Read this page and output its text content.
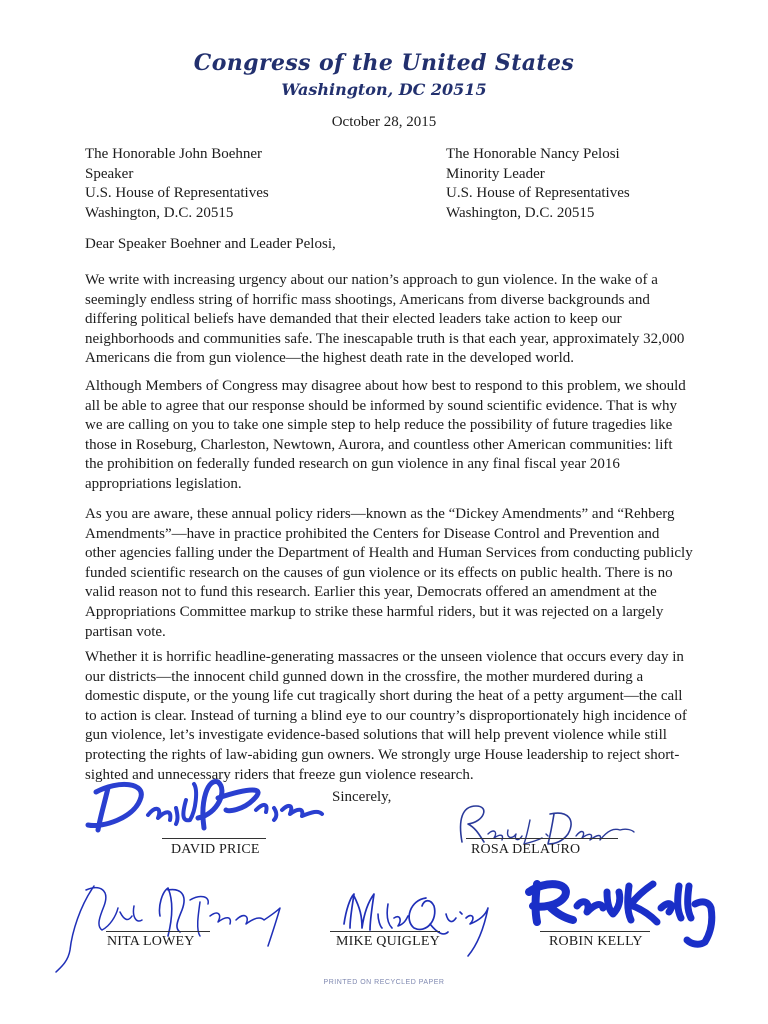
Congress of the United States
Washington, DC 20515
October 28, 2015
The Honorable John Boehner
Speaker
U.S. House of Representatives
Washington, D.C. 20515
The Honorable Nancy Pelosi
Minority Leader
U.S. House of Representatives
Washington, D.C. 20515
Dear Speaker Boehner and Leader Pelosi,

We write with increasing urgency about our nation’s approach to gun violence. In the wake of a seemingly endless string of horrific mass shootings, Americans from diverse backgrounds and differing political beliefs have demanded that their elected leaders take action to keep our neighborhoods and communities safe. The inescapable truth is that each year, approximately 32,000 Americans die from gun violence—the highest death rate in the developed world.

Although Members of Congress may disagree about how best to respond to this problem, we should all be able to agree that our response should be informed by sound scientific evidence. That is why we are calling on you to take one simple step to help reduce the possibility of future tragedies like those in Roseburg, Charleston, Newtown, Aurora, and countless other American communities: lift the prohibition on federally funded research on gun violence in any final fiscal year 2016 appropriations legislation.

As you are aware, these annual policy riders—known as the “Dickey Amendments” and “Rehberg Amendments”—have in practice prohibited the Centers for Disease Control and Prevention and other agencies falling under the Department of Health and Human Services from conducting publicly funded scientific research on the causes of gun violence or its effects on public health. There is no valid reason not to fund this research. Earlier this year, Democrats offered an amendment at the Appropriations Committee markup to strike these harmful riders, but it was rejected on a largely partisan vote.

Whether it is horrific headline-generating massacres or the unseen violence that occurs every day in our districts—the innocent child gunned down in the crossfire, the mother murdered during a domestic dispute, or the young life cut tragically short during the heat of a petty argument—the call to action is clear. Instead of turning a blind eye to our country’s disproportionately high incidence of gun violence, let’s investigate evidence-based solutions that will help prevent violence while still protecting the rights of law-abiding gun owners. We strongly urge House leadership to reject short-sighted and unnecessary riders that freeze gun violence research.

Sincerely,
DAVID PRICE	ROSA DELAURO
NITA LOWEY	MIKE QUIGLEY	ROBIN KELLY
PRINTED ON RECYCLED PAPER
